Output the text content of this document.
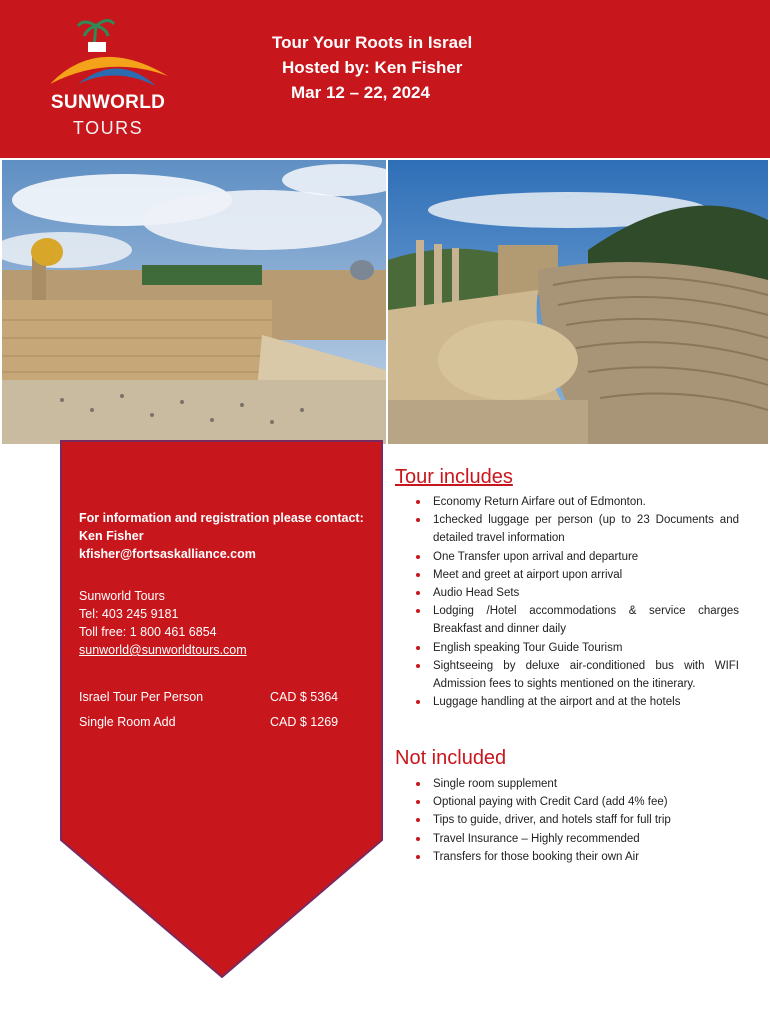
SUNWORLD
TOURS
Tour Your Roots in Israel
Hosted by: Ken Fisher
Mar 12 – 22, 2024
For information and registration please contact:
Ken Fisher
kfisher@fortsaskalliance.com
Sunworld Tours
Tel: 403 245 9181
Toll free: 1 800 461 6854
sunworld@sunworldtours.com
Israel Tour Per Person	CAD $ 5364
Single Room Add	CAD $ 1269
Tour includes
Economy Return Airfare out of Edmonton.
1checked luggage per person (up to 23 Documents and detailed travel information
One Transfer upon arrival and departure
Meet and greet at airport upon arrival
Audio Head Sets
Lodging /Hotel accommodations & service charges Breakfast and dinner daily
English speaking Tour Guide Tourism
Sightseeing by deluxe air-conditioned bus with WIFI Admission fees to sights mentioned on the itinerary.
Luggage handling at the airport and at the hotels
Not included
Single room supplement
Optional paying with Credit Card (add 4% fee)
Tips to guide, driver, and hotels staff for full trip
Travel Insurance – Highly recommended
Transfers for those booking their own Air
